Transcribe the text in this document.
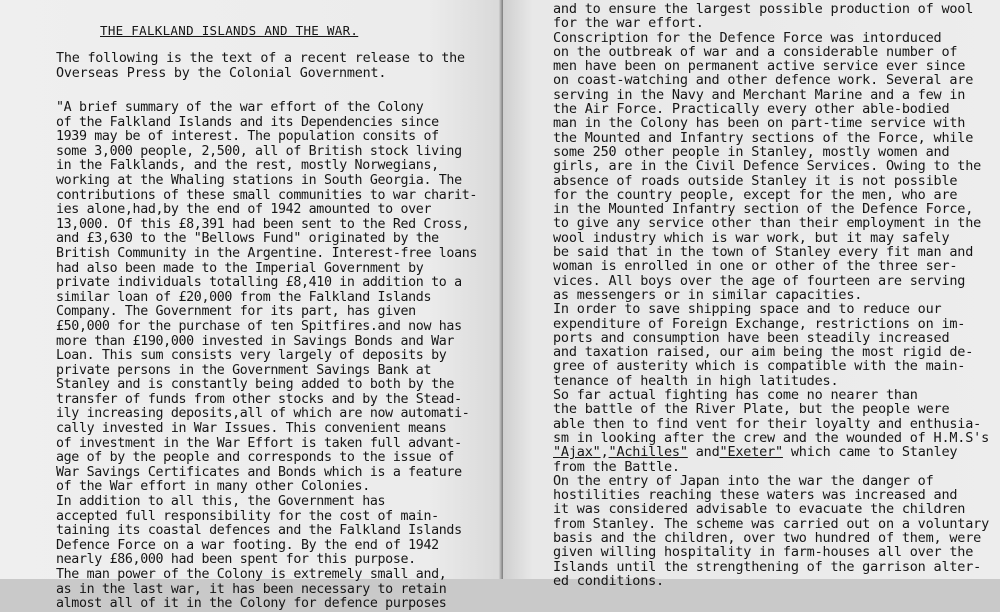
THE FALKLAND ISLANDS AND THE WAR.

The following is the text of a recent release to the
Overseas Press by the Colonial Government.

"A brief summary of the war effort of the Colony
of the Falkland Islands and its Dependencies since
1939 may be of interest. The population consits of
some 3,000 people, 2,500, all of British stock living
in the Falklands, and the rest, mostly Norwegians,
working at the Whaling stations in South Georgia. The
contributions of these small communities to war charit-
ies alone,had,by the end of 1942 amounted to over
13,000. Of this £8,391 had been sent to the Red Cross,
and £3,630 to the "Bellows Fund" originated by the
British Community in the Argentine. Interest-free loans
had also been made to the Imperial Government by
private individuals totalling £8,410 in addition to a
similar loan of £20,000 from the Falkland Islands
Company. The Government for its part, has given
£50,000 for the purchase of ten Spitfires.and now has
more than £190,000 invested in Savings Bonds and War
Loan. This sum consists very largely of deposits by
private persons in the Government Savings Bank at
Stanley and is constantly being added to both by the
transfer of funds from other stocks and by the Stead-
ily increasing deposits,all of which are now automati-
cally invested in War Issues. This convenient means
of investment in the War Effort is taken full advant-
age of by the people and corresponds to the issue of
War Savings Certificates and Bonds which is a feature
of the War effort in many other Colonies.

In addition to all this, the Government has
accepted full responsibility for the cost of main-
taining its coastal defences and the Falkland Islands
Defence Force on a war footing. By the end of 1942
nearly £86,000 had been spent for this purpose.

The man power of the Colony is extremely small and,
as in the last war, it has been necessary to retain
almost all of it in the Colony for defence purposes

and to ensure the largest possible production of wool
for the war effort.

Conscription for the Defence Force was intorduced
on the outbreak of war and a considerable number of
men have been on permanent active service ever since
on coast-watching and other defence work. Several are
serving in the Navy and Merchant Marine and a few in
the Air Force. Practically every other able-bodied
man in the Colony has been on part-time service with
the Mounted and Infantry sections of the Force, while
some 250 other people in Stanley, mostly women and
girls, are in the Civil Defence Services. Owing to the
absence of roads outside Stanley it is not possible
for the country people, except for the men, who are
in the Mounted Infantry section of the Defence Force,
to give any service other than their employment in the
wool industry which is war work, but it may safely
be said that in the town of Stanley every fit man and
woman is enrolled in one or other of the three ser-
vices. All boys over the age of fourteen are serving
as messengers or in similar capacities.

In order to save shipping space and to reduce our
expenditure of Foreign Exchange, restrictions on im-
ports and consumption have been steadily increased
and taxation raised, our aim being the most rigid de-
gree of austerity which is compatible with the main-
tenance of health in high latitudes.

So far actual fighting has come no nearer than
the battle of the River Plate, but the people were
able then to find vent for their loyalty and enthusia-
sm in looking after the crew and the wounded of H.M.S's
"Ajax","Achilles" and"Exeter" which came to Stanley
from the Battle.

On the entry of Japan into the war the danger of
hostilities reaching these waters was increased and
it was considered advisable to evacuate the children
from Stanley. The scheme was carried out on a voluntary
basis and the children, over two hundred of them, were
given willing hospitality in farm-houses all over the
Islands until the strengthening of the garrison alter-
ed conditions.
